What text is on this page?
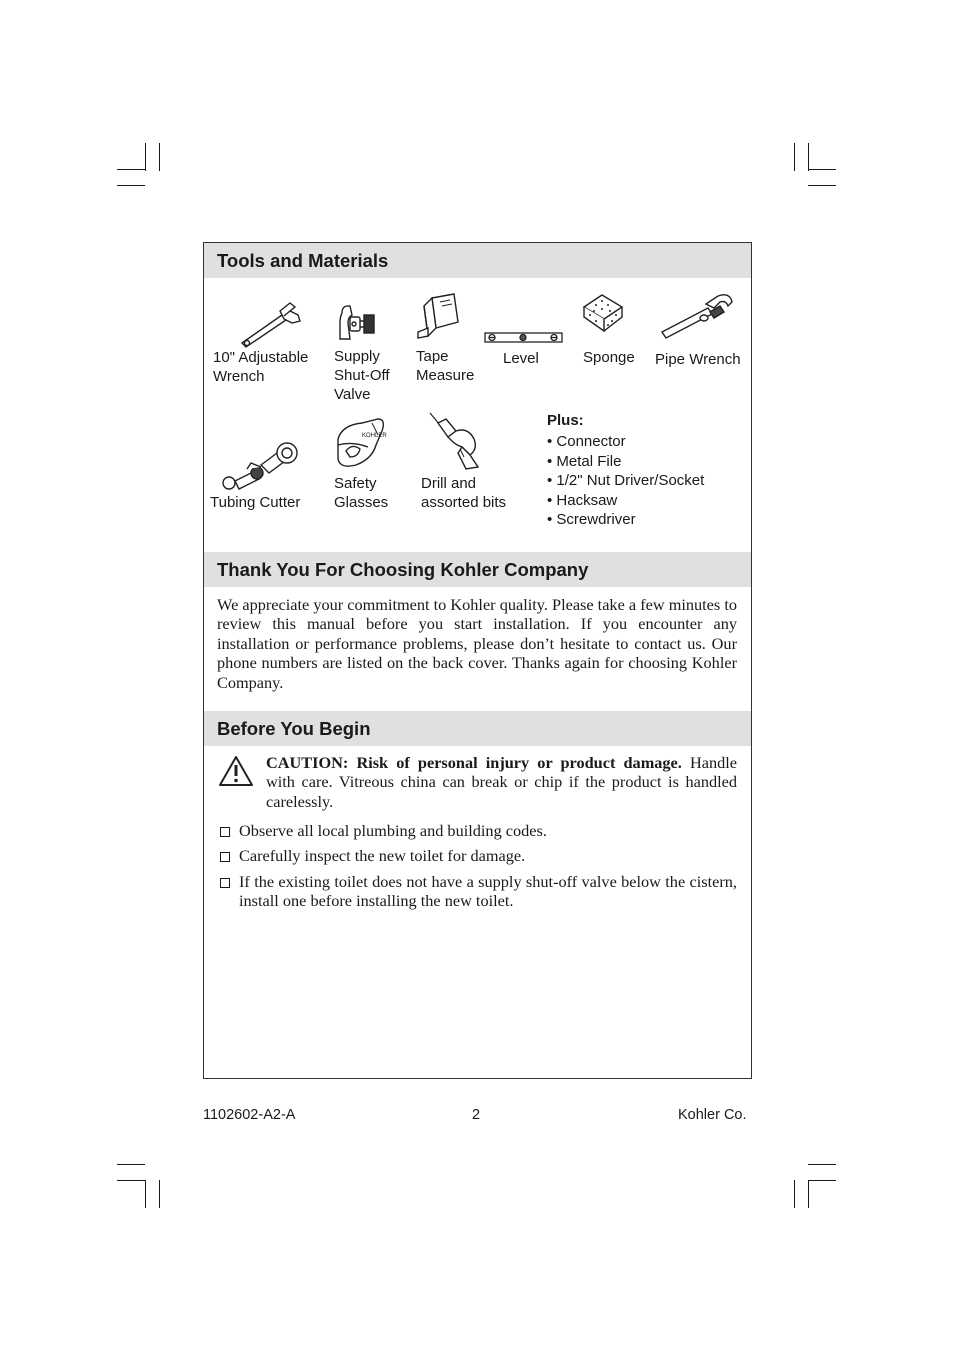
Tools and Materials
10" Adjustable
Wrench
Supply
Shut-Off
Valve
Tape
Measure
Level	Sponge Pipe Wrench
Tubing Cutter
KOHLER
Safety
Glasses
Drill and
assorted bits
Plus:
• Connector
• Metal File
• 1/2" Nut Driver/Socket
• Hacksaw
• Screwdriver
Thank You For Choosing Kohler Company
We appreciate your commitment to Kohler quality. Please take a few minutes to review this manual before you start installation. If you encounter any installation or performance problems, please don’t hesitate to contact us. Our phone numbers are listed on the back cover. Thanks again for choosing Kohler Company.
Before You Begin
CAUTION: Risk of personal injury or product damage. Handle with care. Vitreous china can break or chip if the product is handled carelessly.
Observe all local plumbing and building codes.
Carefully inspect the new toilet for damage.
If the existing toilet does not have a supply shut-off valve below the cistern, install one before installing the new toilet.
1102602-A2-A	2	Kohler Co.
